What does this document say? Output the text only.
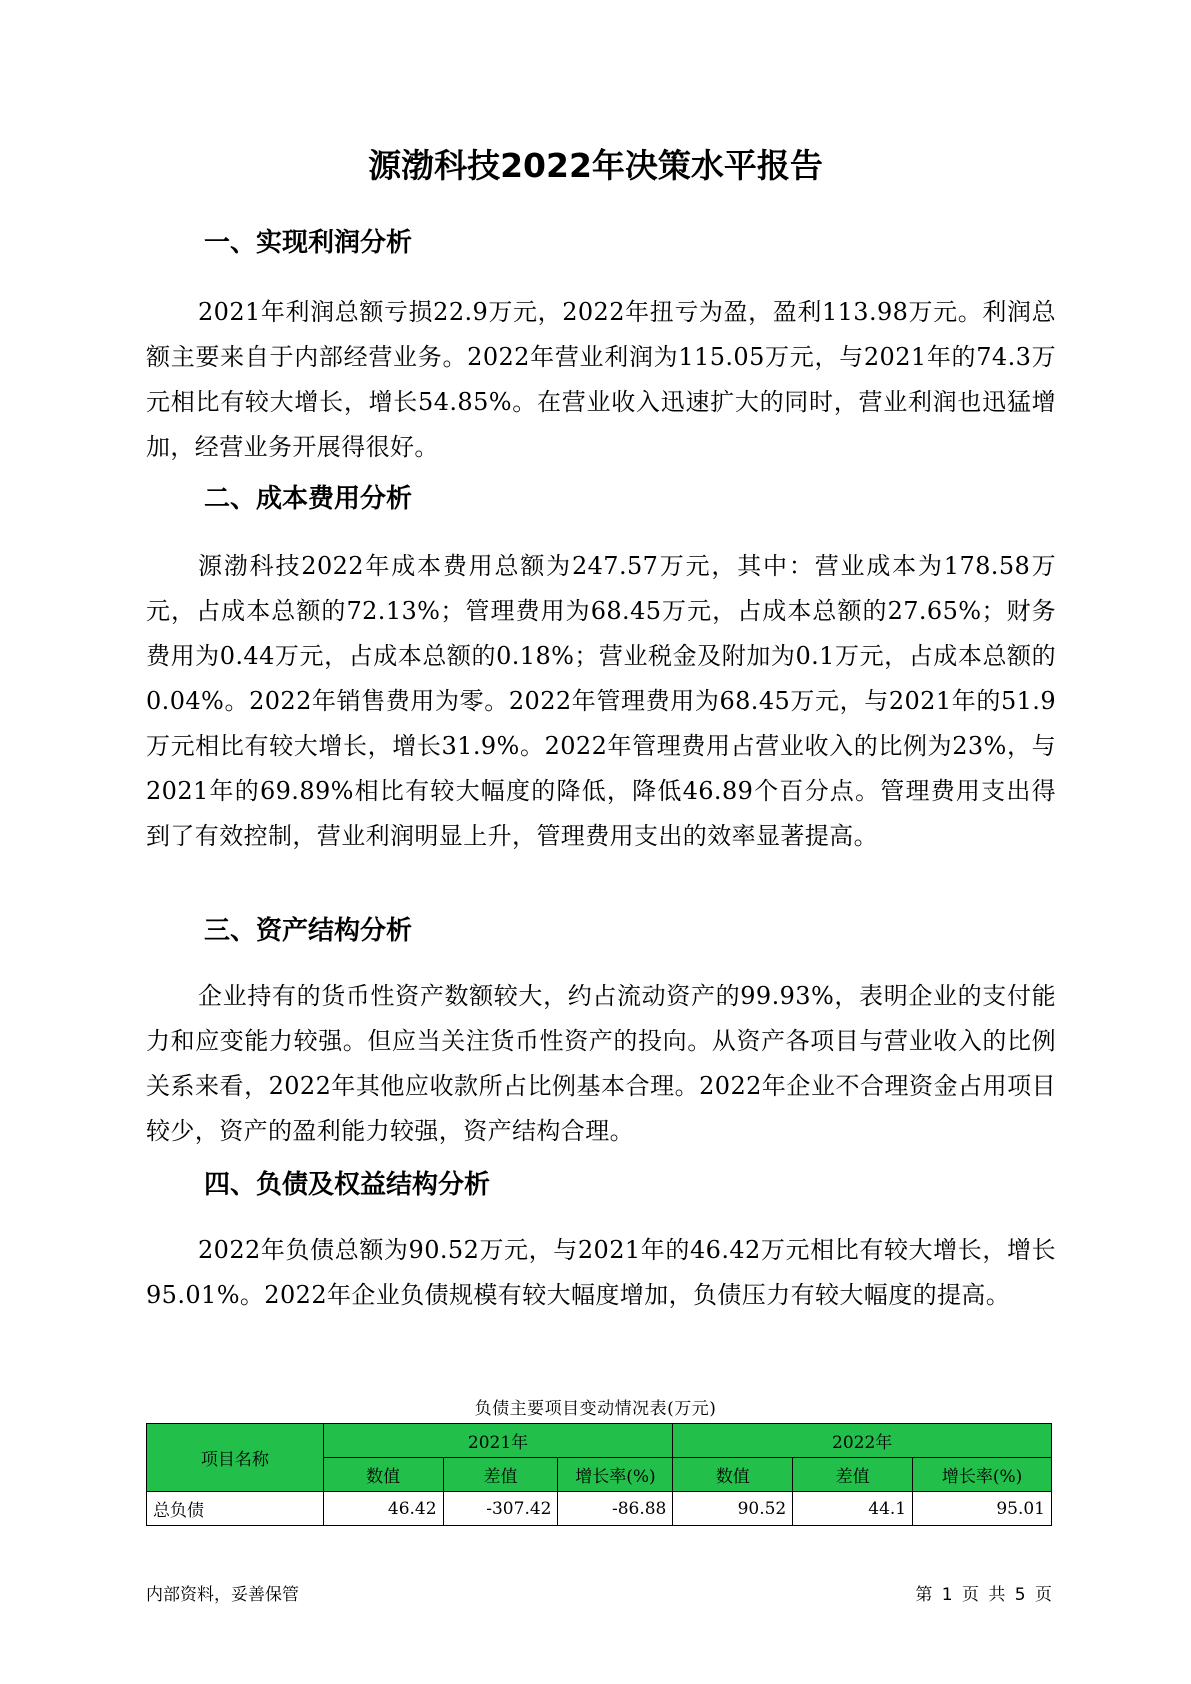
源渤科技2022年决策水平报告
一、实现利润分析

2021年利润总额亏损22.9万元，2022年扭亏为盈，盈利113.98万元。利润总额主要来自于内部经营业务。2022年营业利润为115.05万元，与2021年的74.3万元相比有较大增长，增长54.85%。在营业收入迅速扩大的同时，营业利润也迅猛增加，经营业务开展得很好。

二、成本费用分析

源渤科技2022年成本费用总额为247.57万元，其中：营业成本为178.58万元，占成本总额的72.13%；管理费用为68.45万元，占成本总额的27.65%；财务费用为0.44万元，占成本总额的0.18%；营业税金及附加为0.1万元，占成本总额的0.04%。2022年销售费用为零。2022年管理费用为68.45万元，与2021年的51.9万元相比有较大增长，增长31.9%。2022年管理费用占营业收入的比例为23%，与2021年的69.89%相比有较大幅度的降低，降低46.89个百分点。管理费用支出得到了有效控制，营业利润明显上升，管理费用支出的效率显著提高。

三、资产结构分析

企业持有的货币性资产数额较大，约占流动资产的99.93%，表明企业的支付能力和应变能力较强。但应当关注货币性资产的投向。从资产各项目与营业收入的比例关系来看，2022年其他应收款所占比例基本合理。2022年企业不合理资金占用项目较少，资产的盈利能力较强，资产结构合理。

四、负债及权益结构分析

2022年负债总额为90.52万元，与2021年的46.42万元相比有较大增长，增长95.01%。2022年企业负债规模有较大幅度增加，负债压力有较大幅度的提高。

负债主要项目变动情况表(万元)
项目名称	2021年			2022年		
	数值	差值	增长率(%)	数值	差值	增长率(%)
总负债	46.42	-307.42	-86.88	90.52	44.1	95.01
内部资料，妥善保管	第 1 页 共 5 页
